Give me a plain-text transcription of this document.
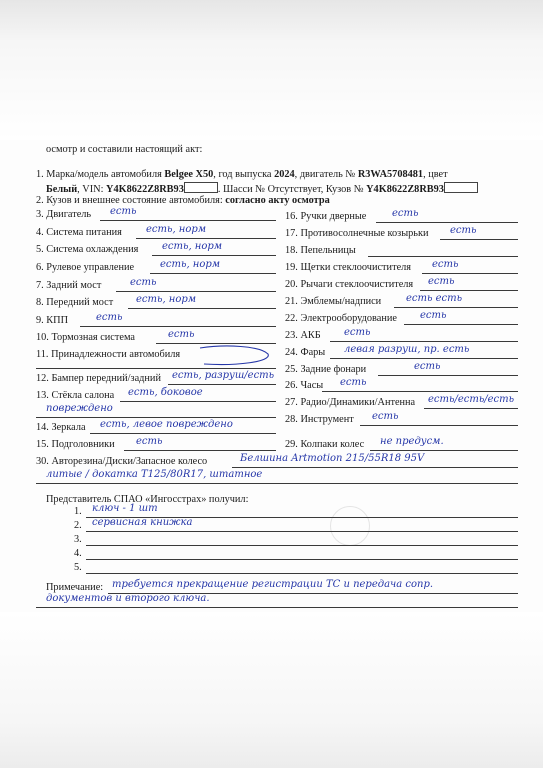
осмотр и составили настоящий акт:
1. Марка/модель автомобиля Belgee X50, год выпуска 2024, двигатель № R3WA5708481, цвет
Белый, VIN: Y4K8622Z8RB93	. Шасси № Отсутствует, Кузов № Y4K8622Z8RB93
2. Кузов и внешнее состояние автомобиля: согласно акту осмотра
3. Двигатель есть
4. Система питания есть, норм
5. Система охлаждения есть, норм
6. Рулевое управление	есть, норм
7. Задний мост	есть
8. Передний мост есть, норм
9. КПП	есть
10. Тормозная система	есть
11. Принадлежности автомобиля
12. Бампер передний/задний есть, разруш/есть
13. Стёкла салона есть, боковое
повреждено
14. Зеркала есть, левое повреждено
15. Подголовники есть
16. Ручки дверные	есть
17. Противосолнечные козырьки есть
18. Пепельницы
19. Щетки стеклоочистителя есть
20. Рычаги стеклоочистителя есть
21. Эмблемы/надписи есть есть
22. Электрооборудование есть
23. АКБ есть
24. Фары левая разруш, пр. есть
25. Задние фонари	есть
26. Часы есть
27. Радио/Динамики/Антенна есть/есть/есть
28. Инструмент есть
29. Колпаки колес не предусм.
30. Авторезина/Диски/Запасное колесо	Белшина Artmotion 215/55R18 95V
литые / докатка T125/80R17, штатное
Представитель СПАО «Ингосстрах» получил:
1. ключ - 1 шт
2. сервисная книжка
3.
4.
5.
Примечание: требуется прекращение регистрации ТС и передача сопр.
документов и второго ключа.
